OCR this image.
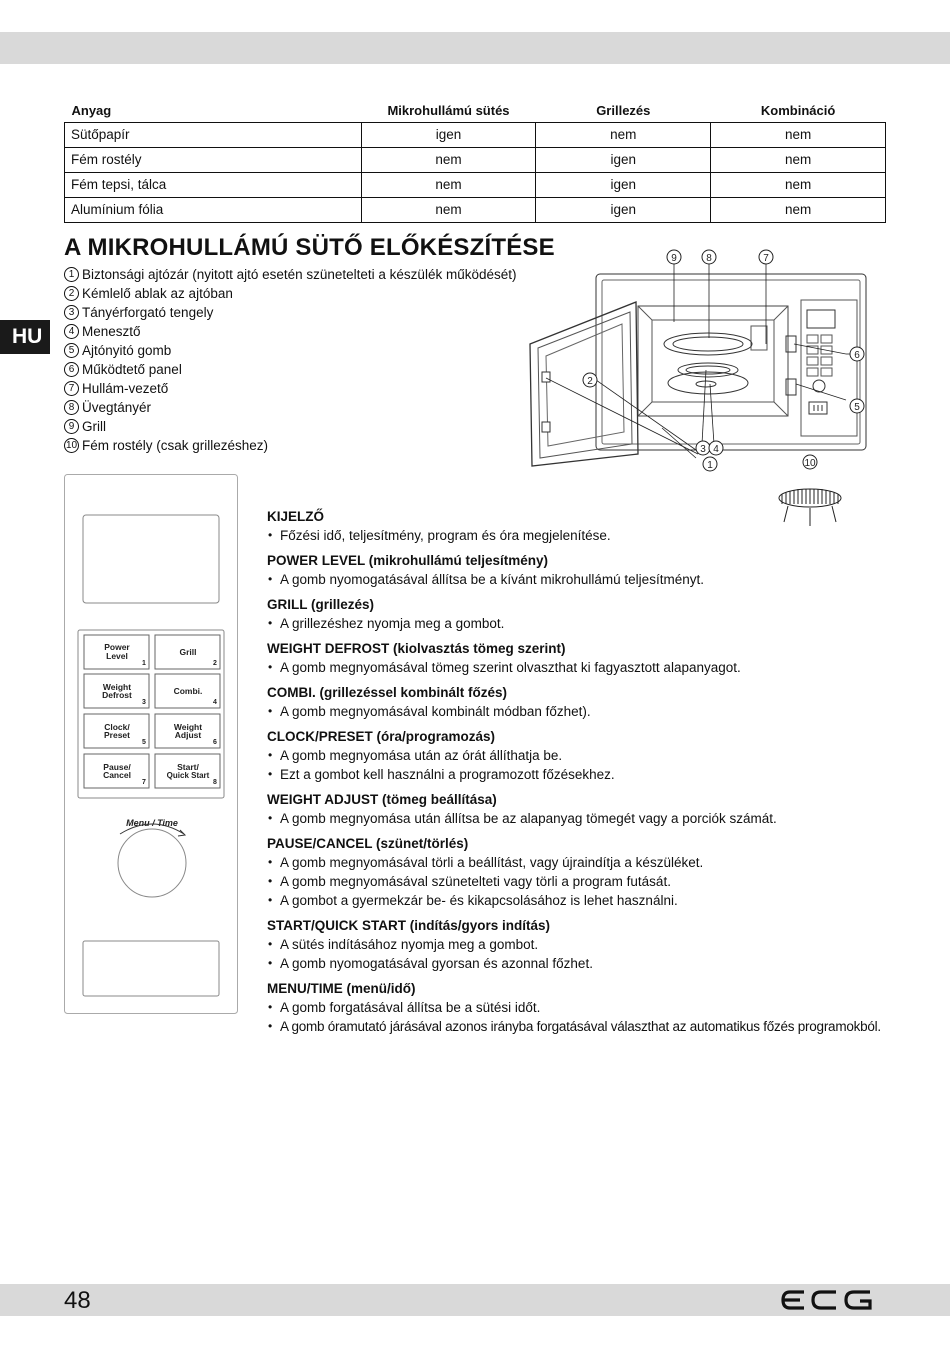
HU
Anyag	Mikrohullámú sütés	Grillezés	Kombináció
Sütőpapír	igen	nem	nem
Fém rostély	nem	igen	nem
Fém tepsi, tálca	nem	igen	nem
Alumínium fólia	nem	igen	nem
A MIKROHULLÁMÚ SÜTŐ ELŐKÉSZÍTÉSE
1 Biztonsági ajtózár (nyitott ajtó esetén szünetelteti a készülék működését)
2 Kémlelő ablak az ajtóban
3 Tányérforgató tengely
4 Menesztő
5 Ajtónyitó gomb
6 Működtető panel
7 Hullám-vezető
8 Üvegtányér
9 Grill
10 Fém rostély (csak grillezéshez)
9	8	7
6
5
2
3 4
1	10
Power
Level
1
Grill
2
Weight
Defrost
3
Combi.
4
Clock/
Preset
5
Weight
Adjust
6
Pause/
Cancel
7
Start/
Quick Start
8
Menu / Time
KIJELZŐ
• Főzési idő, teljesítmény, program és óra megjelenítése.
POWER LEVEL (mikrohullámú teljesítmény)
• A gomb nyomogatásával állítsa be a kívánt mikrohullámú teljesítményt.
GRILL (grillezés)
• A grillezéshez nyomja meg a gombot.
WEIGHT DEFROST (kiolvasztás tömeg szerint)
• A gomb megnyomásával tömeg szerint olvaszthat ki fagyasztott alapanyagot.
COMBI. (grillezéssel kombinált főzés)
• A gomb megnyomásával kombinált módban főzhet).
CLOCK/PRESET (óra/programozás)
• A gomb megnyomása után az órát állíthatja be.
• Ezt a gombot kell használni a programozott főzésekhez.
WEIGHT ADJUST (tömeg beállítása)
• A gomb megnyomása után állítsa be az alapanyag tömegét vagy a porciók számát.
PAUSE/CANCEL (szünet/törlés)
• A gomb megnyomásával törli a beállítást, vagy újraindítja a készüléket.
• A gomb megnyomásával szünetelteti vagy törli a program futását.
• A gombot a gyermekzár be- és kikapcsolásához is lehet használni.
START/QUICK START (indítás/gyors indítás)
• A sütés indításához nyomja meg a gombot.
• A gomb nyomogatásával gyorsan és azonnal főzhet.
MENU/TIME (menü/idő)
• A gomb forgatásával állítsa be a sütési időt.
• A gomb óramutató járásával azonos irányba forgatásával választhat az automatikus főzés programokból.
48
